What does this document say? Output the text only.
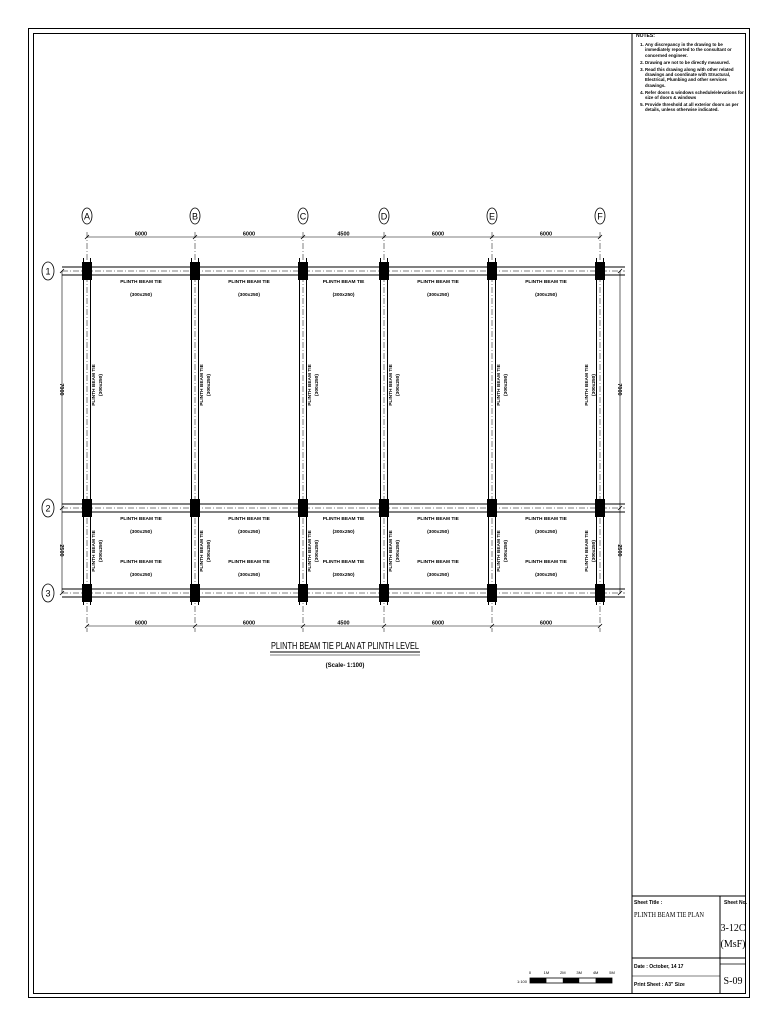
NOTES:
1. Any discrepancy in the drawing to be immediately reported to the consultant or concerned engineer.
2. Drawing are not to be directly measured.
3. Read this drawing along with other related drawings and coordinate with Structural, Electrical, Plumbing and other services drawings.
4. Refer doors & windows schedule/elevations for size of doors & windows
5. Provide threshold at all exterior doors as per details, unless otherwise indicated.
PLINTH BEAM TIE PLAN AT PLINTH LEVEL
(Scale- 1:100)
A	B	C	D	E	F
1
2
3
6000	6000	4500	6000	6000
6000	6000	4500	6000	6000
7000
2500
7000
2500
PLINTH BEAM TIE
(300x250)
PLINTH BEAM TIE
(300x250)
PLINTH BEAM TIE
(300x250)
PLINTH BEAM TIE
(300x250)
PLINTH BEAM TIE
(300x250)
PLINTH BEAM TIE
(300x250)
PLINTH BEAM TIE
(300x250)
PLINTH BEAM TIE
(300x250)
PLINTH BEAM TIE
(300x250)
PLINTH BEAM TIE
(300x250)
PLINTH BEAM TIE
(300x250)
PLINTH BEAM TIE
(300x250)
PLINTH BEAM TIE
(300x250)
PLINTH BEAM TIE
(300x250)
PLINTH BEAM TIE
(300x250)
PLINTH BEAM TIE (300x250)
PLINTH BEAM TIE (300x250)
PLINTH BEAM TIE (300x250)
PLINTH BEAM TIE (300x250)
PLINTH BEAM TIE (300x250)
PLINTH BEAM TIE (300x250)
PLINTH BEAM TIE (300x250)
PLINTH BEAM TIE (300x250)
PLINTH BEAM TIE (300x250)
PLINTH BEAM TIE (300x250)
PLINTH BEAM TIE (300x250)
PLINTH BEAM TIE (300x250)
0	1M	2M	3M	4M	5M
1:100
Sheet Title :
PLINTH BEAM TIE PLAN
Sheet No.
3-12C
(MsF)
Date : October, 14 17
Print Sheet : A3" Size	S-09
